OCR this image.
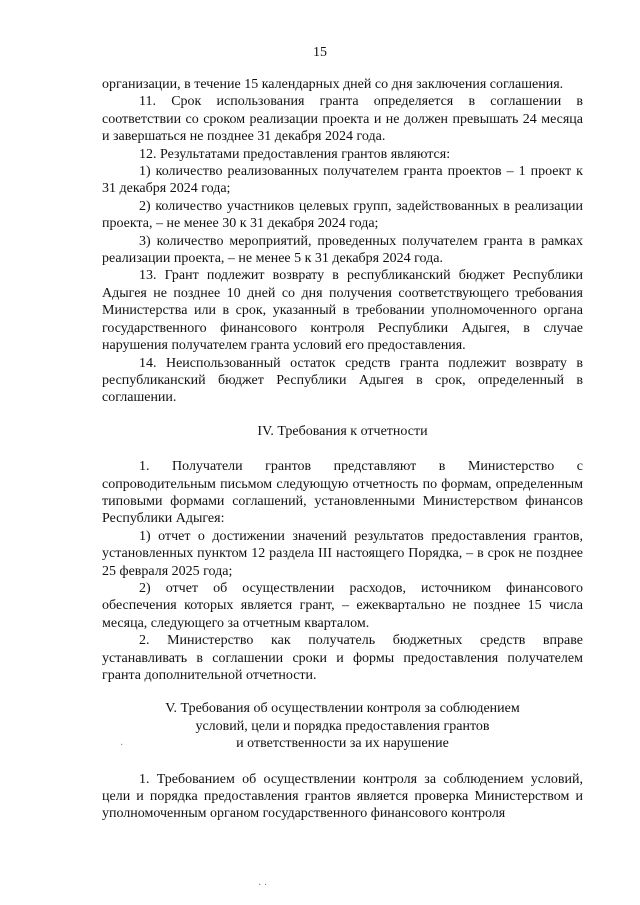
15

организации, в течение 15 календарных дней со дня заключения соглашения.

11. Срок использования гранта определяется в соглашении в соответствии со сроком реализации проекта и не должен превышать 24 месяца и завершаться не позднее 31 декабря 2024 года.

12. Результатами предоставления грантов являются:

1) количество реализованных получателем гранта проектов – 1 проект к 31 декабря 2024 года;

2) количество участников целевых групп, задействованных в реализации проекта, – не менее 30 к 31 декабря 2024 года;

3) количество мероприятий, проведенных получателем гранта в рамках реализации проекта, – не менее 5 к 31 декабря 2024 года.

13. Грант подлежит возврату в республиканский бюджет Республики Адыгея не позднее 10 дней со дня получения соответствующего требования Министерства или в срок, указанный в требовании уполномоченного органа государственного финансового контроля Республики Адыгея, в случае нарушения получателем гранта условий его предоставления.

14. Неиспользованный остаток средств гранта подлежит возврату в республиканский бюджет Республики Адыгея в срок, определенный в соглашении.

IV. Требования к отчетности

1. Получатели грантов представляют в Министерство с сопроводительным письмом следующую отчетность по формам, определенным типовыми формами соглашений, установленными Министерством финансов Республики Адыгея:

1) отчет о достижении значений результатов предоставления грантов, установленных пунктом 12 раздела III настоящего Порядка, – в срок не позднее 25 февраля 2025 года;

2) отчет об осуществлении расходов, источником финансового обеспечения которых является грант, – ежеквартально не позднее 15 числа месяца, следующего за отчетным кварталом.

2. Министерство как получатель бюджетных средств вправе устанавливать в соглашении сроки и формы предоставления получателем гранта дополнительной отчетности.

V. Требования об осуществлении контроля за соблюдением
условий, цели и порядка предоставления грантов
и ответственности за их нарушение

1. Требованием об осуществлении контроля за соблюдением условий, цели и порядка предоставления грантов является проверка Министерством и уполномоченным органом государственного финансового контроля

·
· ·
